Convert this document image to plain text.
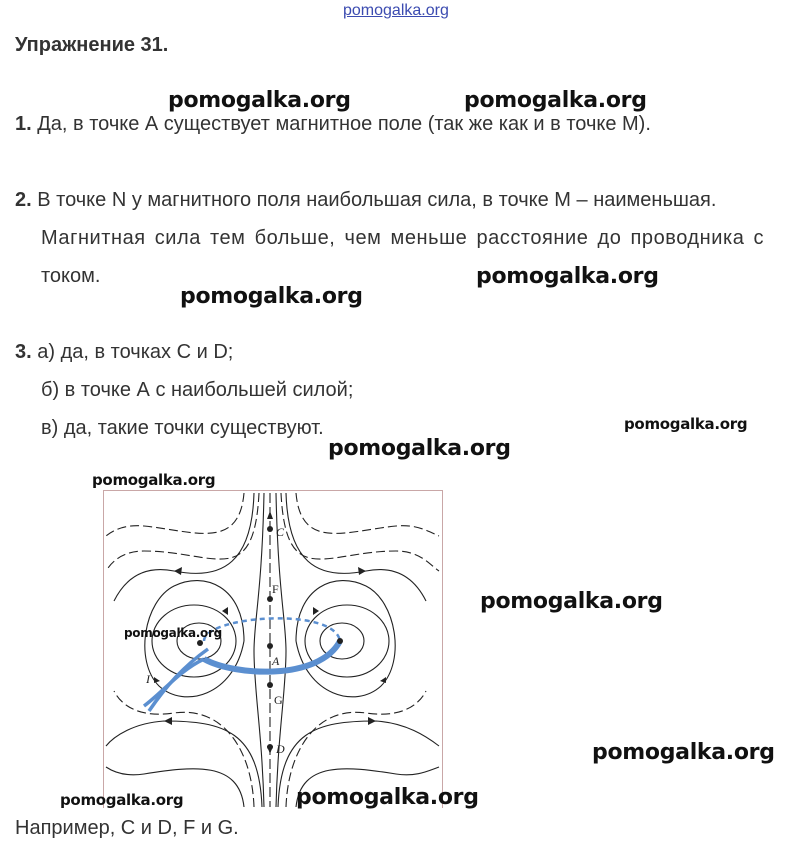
pomogalka.org
Упражнение 31.
1. Да, в точке А существует магнитное поле (так же как и в точке М).
2. В точке N у магнитного поля наибольшая сила, в точке М – наименьшая.
Магнитная сила тем больше, чем меньше расстояние до проводника с
током.
3. а) да, в точках C и D;
б) в точке А с наибольшей силой;
в) да, такие точки существуют.
C
F
A
G
D
I
Например, C и D, F и G.
pomogalka.org	pomogalka.org
pomogalka.org
pomogalka.org
pomogalka.org
pomogalka.org
pomogalka.org
pomogalka.org
pomogalka.org
pomogalka.org
pomogalka.org	pomogalka.org
